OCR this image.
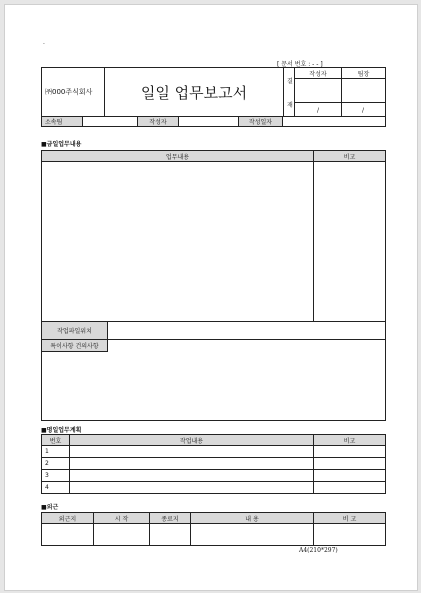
·
[ 문서 번호 : - - ]
㈜000주식회사	일일 업무보고서
결
재
작성자	팀장
/	/
소속팀	작성자	작성일자
■금일업무내용
업무내용	비고
작업파일위치
특이사항 건의사항
■명일업무계획
번호	작업내용	비고
1
2
3
4
■외근
외근지	시 작	종료지	내 용	비 고
A4(210*297)
